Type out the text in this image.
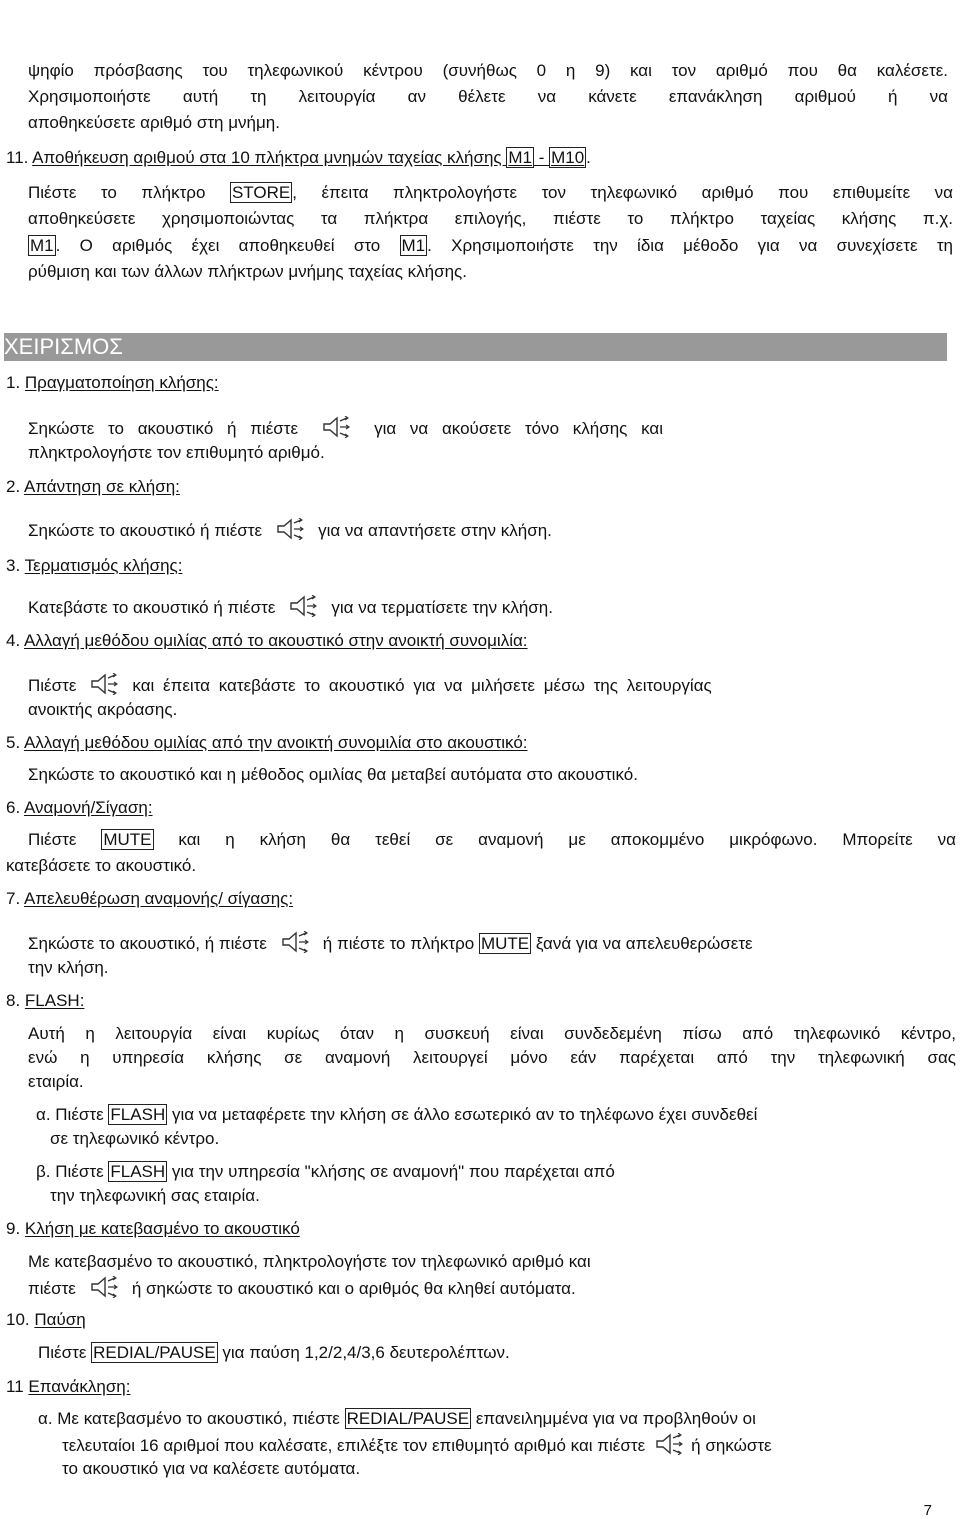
ψηφίο πρόσβασης του τηλεφωνικού κέντρου (συνήθως 0 η 9) και τον αριθμό που θα καλέσετε.
Χρησιμοποιήστε αυτή τη λειτουργία αν θέλετε να κάνετε επανάκληση αριθμού ή να
αποθηκεύσετε αριθμό στη μνήμη.
11. Αποθήκευση αριθμού στα 10 πλήκτρα μνημών ταχείας κλήσης M1 - M10 .
Πιέστε το πλήκτρο STORE , έπειτα πληκτρολογήστε τον τηλεφωνικό αριθμό που επιθυμείτε να
αποθηκεύσετε χρησιμοποιώντας τα πλήκτρα επιλογής, πιέστε το πλήκτρο ταχείας κλήσης π.χ.
M1 . Ο αριθμός έχει αποθηκευθεί στο M1 . Χρησιμοποιήστε την ίδια μέθοδο για να συνεχίσετε τη
ρύθμιση και των άλλων πλήκτρων μνήμης ταχείας κλήσης.
ΧΕΙΡΙΣΜΟΣ
1. Πραγματοποίηση κλήσης:
Σηκώστε το ακουστικό ή πιέστε	για να ακούσετε τόνο κλήσης και
πληκτρολογήστε τον επιθυμητό αριθμό.
2. Απάντηση σε κλήση:
Σηκώστε το ακουστικό ή πιέστε	για να απαντήσετε στην κλήση.
3. Τερματισμός κλήσης:
Κατεβάστε το ακουστικό ή πιέστε	για να τερματίσετε την κλήση.
4. Αλλαγή μεθόδου ομιλίας από το ακουστικό στην ανοικτή συνομιλία:
Πιέστε	και έπειτα κατεβάστε το ακουστικό για να μιλήσετε μέσω της λειτουργίας
ανοικτής ακρόασης.
5. Αλλαγή μεθόδου ομιλίας από την ανοικτή συνομιλία στο ακουστικό:
Σηκώστε το ακουστικό και η μέθοδος ομιλίας θα μεταβεί αυτόματα στο ακουστικό.
6. Αναμονή/Σίγαση:
Πιέστε MUTE και η κλήση θα τεθεί σε αναμονή με αποκομμένο μικρόφωνο. Μπορείτε να
κατεβάσετε το ακουστικό.
7. Απελευθέρωση αναμονής/ σίγασης:
Σηκώστε το ακουστικό, ή πιέστε	ή πιέστε το πλήκτρο MUTE ξανά για να απελευθερώσετε
την κλήση.
8. FLASH:
Αυτή η λειτουργία είναι κυρίως όταν η συσκευή είναι συνδεδεμένη πίσω από τηλεφωνικό κέντρο,
ενώ η υπηρεσία κλήσης σε αναμονή λειτουργεί μόνο εάν παρέχεται από την τηλεφωνική σας
εταιρία.
α. Πιέστε FLASH για να μεταφέρετε την κλήση σε άλλο εσωτερικό αν το τηλέφωνο έχει συνδεθεί
σε τηλεφωνικό κέντρο.
β. Πιέστε FLASH για την υπηρεσία "κλήσης σε αναμονή" που παρέχεται από
την τηλεφωνική σας εταιρία.
9. Κλήση με κατεβασμένο το ακουστικό
Με κατεβασμένο το ακουστικό, πληκτρολογήστε τον τηλεφωνικό αριθμό και
πιέστε	ή σηκώστε το ακουστικό και ο αριθμός θα κληθεί αυτόματα.
10. Παύση
Πιέστε REDIAL/PAUSE για παύση 1,2/2,4/3,6 δευτερολέπτων.
11 Επανάκληση:
α. Με κατεβασμένο το ακουστικό, πιέστε REDIAL/PAUSE επανειλημμένα για να προβληθούν οι
τελευταίοι 16 αριθμοί που καλέσατε, επιλέξτε τον επιθυμητό αριθμό και πιέστε	ή σηκώστε
το ακουστικό για να καλέσετε αυτόματα.
7
